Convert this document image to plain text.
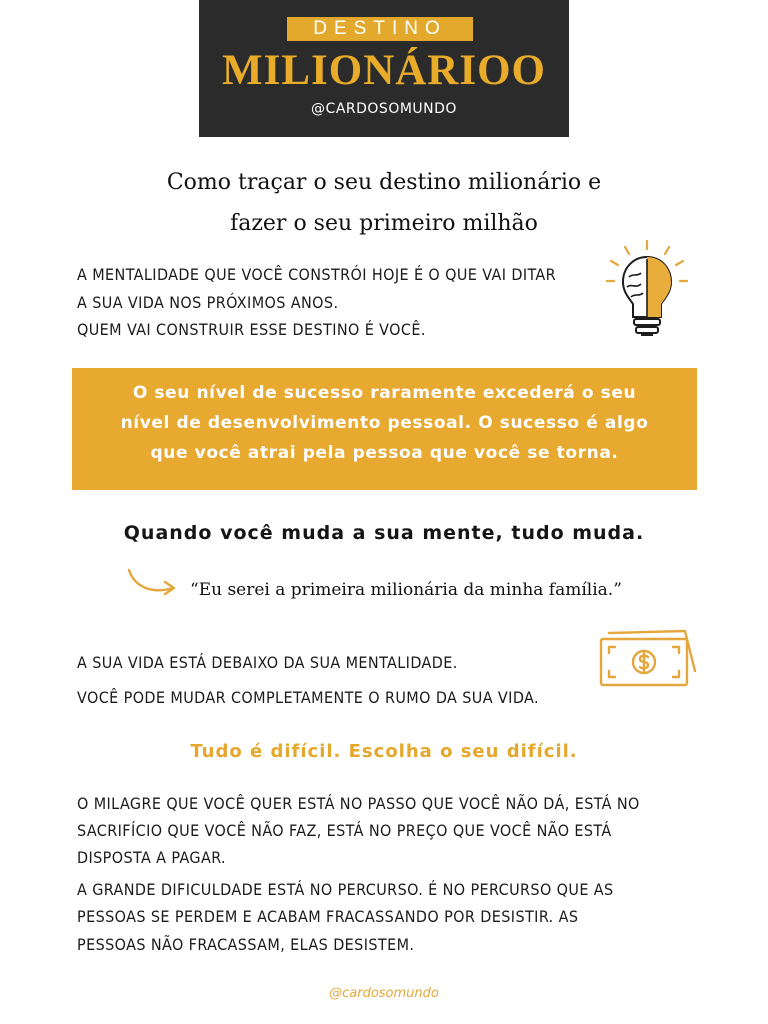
DESTINO
MILIONÁRIOO
@CARDOSOMUNDO
Como traçar o seu destino milionário e
fazer o seu primeiro milhão
A MENTALIDADE QUE VOCÊ CONSTRÓI HOJE É O QUE VAI DITAR
A SUA VIDA NOS PRÓXIMOS ANOS.
QUEM VAI CONSTRUIR ESSE DESTINO É VOCÊ.
O seu nível de sucesso raramente excederá o seu
nível de desenvolvimento pessoal. O sucesso é algo
que você atrai pela pessoa que você se torna.
Quando você muda a sua mente, tudo muda.
“Eu serei a primeira milionária da minha família.”
A SUA VIDA ESTÁ DEBAIXO DA SUA MENTALIDADE.
VOCÊ PODE MUDAR COMPLETAMENTE O RUMO DA SUA VIDA.
Tudo é difícil. Escolha o seu difícil.
O MILAGRE QUE VOCÊ QUER ESTÁ NO PASSO QUE VOCÊ NÃO DÁ, ESTÁ NO
SACRIFÍCIO QUE VOCÊ NÃO FAZ, ESTÁ NO PREÇO QUE VOCÊ NÃO ESTÁ
DISPOSTA A PAGAR.
A GRANDE DIFICULDADE ESTÁ NO PERCURSO. É NO PERCURSO QUE AS
PESSOAS SE PERDEM E ACABAM FRACASSANDO POR DESISTIR. AS
PESSOAS NÃO FRACASSAM, ELAS DESISTEM.
@cardosomundo
